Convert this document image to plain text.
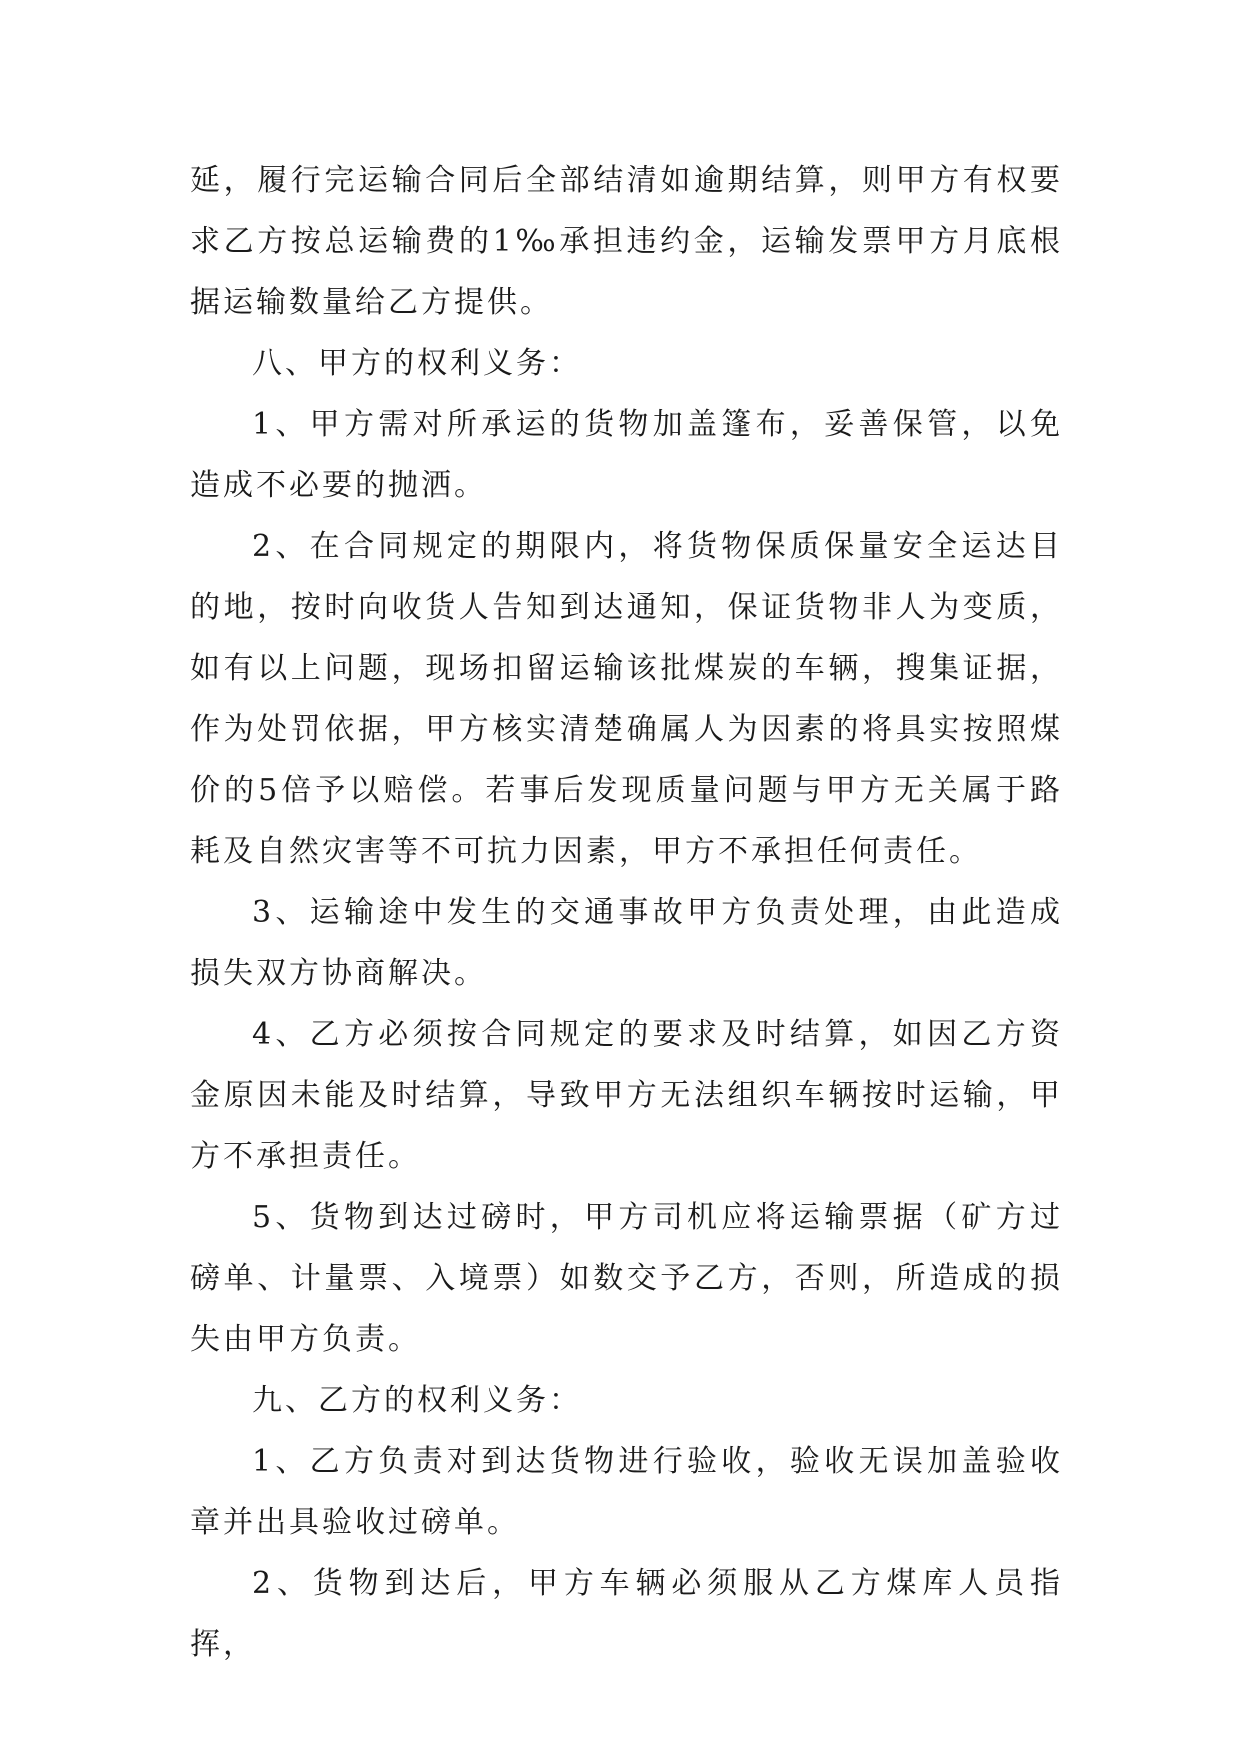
延，履行完运输合同后全部结清如逾期结算，则甲方有权要求乙方按总运输费的1‰承担违约金，运输发票甲方月底根据运输数量给乙方提供。

八、甲方的权利义务：

1、甲方需对所承运的货物加盖篷布，妥善保管，以免造成不必要的抛洒。

2、在合同规定的期限内，将货物保质保量安全运达目的地，按时向收货人告知到达通知，保证货物非人为变质，如有以上问题，现场扣留运输该批煤炭的车辆，搜集证据，作为处罚依据，甲方核实清楚确属人为因素的将具实按照煤价的5倍予以赔偿。若事后发现质量问题与甲方无关属于路耗及自然灾害等不可抗力因素，甲方不承担任何责任。

3、运输途中发生的交通事故甲方负责处理，由此造成损失双方协商解决。

4、乙方必须按合同规定的要求及时结算，如因乙方资金原因未能及时结算，导致甲方无法组织车辆按时运输，甲方不承担责任。

5、货物到达过磅时，甲方司机应将运输票据（矿方过磅单、计量票、入境票）如数交予乙方，否则，所造成的损失由甲方负责。

九、乙方的权利义务：

1、乙方负责对到达货物进行验收，验收无误加盖验收章并出具验收过磅单。

2、货物到达后，甲方车辆必须服从乙方煤库人员指挥，
